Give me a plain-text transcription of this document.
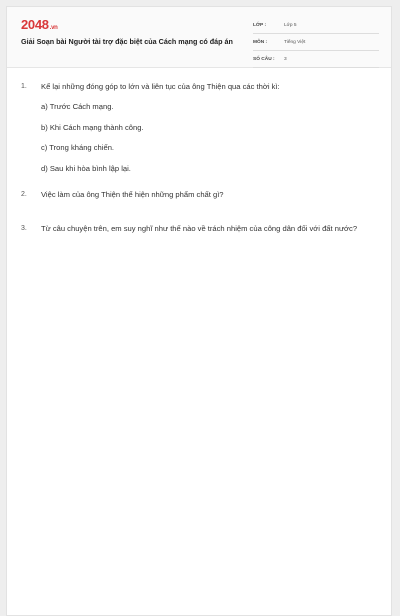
2048.vn
Giải Soạn bài Người tài trợ đặc biệt của Cách mạng có đáp án
LỚP :	Lớp 5
MÔN :	Tiếng Việt
SỐ CÂU : 3
1.	Kể lại những đóng góp to lớn và liên tục của ông Thiện qua các thời kì:
a) Trước Cách mạng.
b) Khi Cách mạng thành công.
c) Trong kháng chiến.
d) Sau khi hòa bình lập lại.
2.	Việc làm của ông Thiện thể hiện những phẩm chất gì?
3.	Từ câu chuyện trên, em suy nghĩ như thế nào về trách nhiệm của công dân đối với đất nước?
